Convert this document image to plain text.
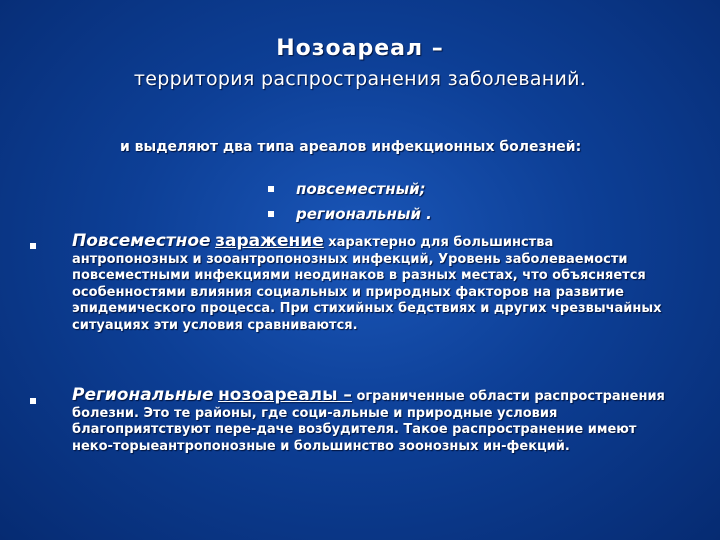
Нозоареал –
территория распространения заболеваний.
и выделяют два типа ареалов инфекционных болезней:
повсеместный;
региональный .
Повсеместное заражение характерно для большинства антропонозных и зооантропонозных инфекций, Уровень заболеваемости повсеместными инфекциями неодинаков в разных местах, что объясняется особенностями влияния социальных и природных факторов на развитие эпидемического процесса. При стихийных бедствиях и других чрезвычайных ситуациях эти условия сравниваются.
Региональные нозоареалы – ограниченные области распространения болезни. Это те районы, где соци-альные и природные условия благоприятствуют пере-даче возбудителя. Такое распространение имеют неко-торыеантропонозные и большинство зоонозных ин-фекций.
